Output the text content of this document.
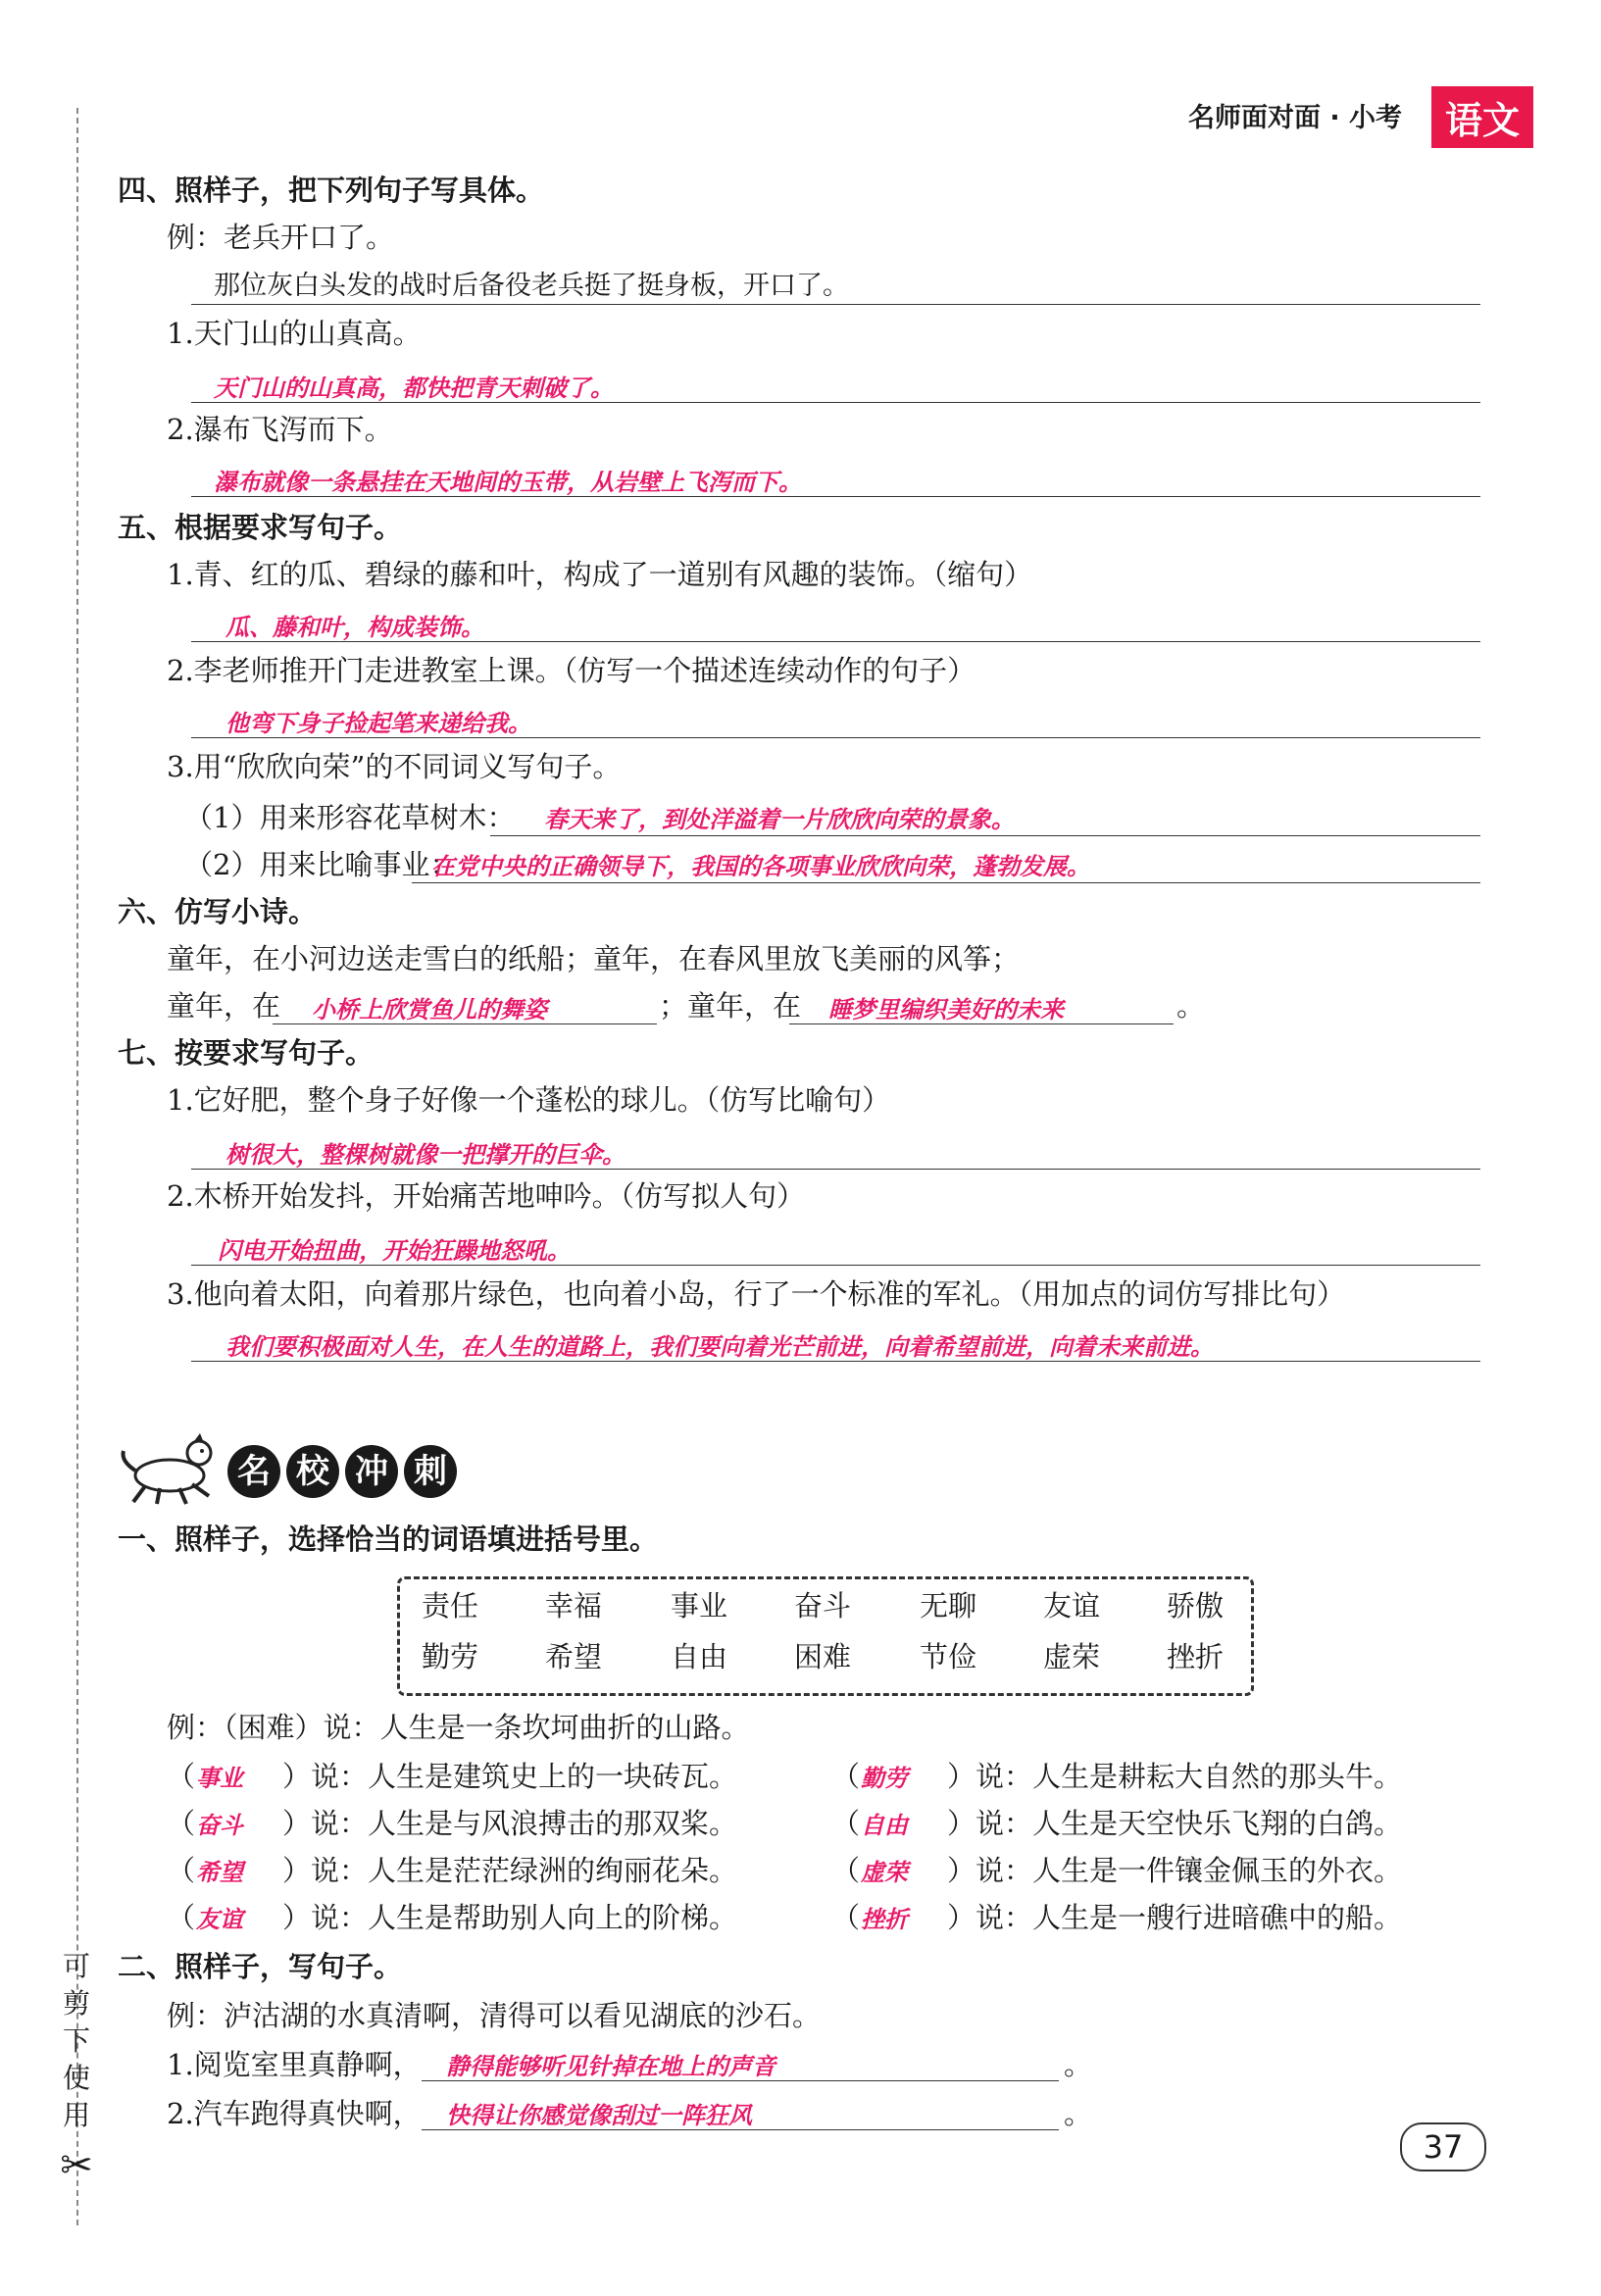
名师面对面 · 小考	语文
四、照样子，把下列句子写具体。
例：老兵开口了。
那位灰白头发的战时后备役老兵挺了挺身板，开口了。
1.天门山的山真高。
天门山的山真高，都快把青天刺破了。
2.瀑布飞泻而下。
瀑布就像一条悬挂在天地间的玉带，从岩壁上飞泻而下。
五、根据要求写句子。
1.青、红的瓜、碧绿的藤和叶，构成了一道别有风趣的装饰。（缩句）
瓜、藤和叶，构成装饰。
2.李老师推开门走进教室上课。（仿写一个描述连续动作的句子）
他弯下身子捡起笔来递给我。
3.用“欣欣向荣”的不同词义写句子。
（1）用来形容花草树木： 春天来了，到处洋溢着一片欣欣向荣的景象。
（2）用来比喻事业：
在党中央的正确领导下，我国的各项事业欣欣向荣，蓬勃发展。
六、仿写小诗。
童年，在小河边送走雪白的纸船；童年，在春风里放飞美丽的风筝；
童年，在 小桥上欣赏鱼儿的舞姿	；童年，在 睡梦里编织美好的未来	。
七、按要求写句子。
1.它好肥，整个身子好像一个蓬松的球儿。（仿写比喻句）
树很大，整棵树就像一把撑开的巨伞。
2.木桥开始发抖，开始痛苦地呻吟。（仿写拟人句）
闪电开始扭曲，开始狂躁地怒吼。
3.他向着太阳，向着那片绿色，也向着小岛，行了一个标准的军礼。（用加点的词仿写排比句）
我们要积极面对人生，在人生的道路上，我们要向着光芒前进，向着希望前进，向着未来前进。
名 校 冲 刺
一、照样子，选择恰当的词语填进括号里。
责任 幸福 事业 奋斗 无聊 友谊 骄傲
勤劳 希望 自由 困难 节俭 虚荣 挫折
例：（困难）说：人生是一条坎坷曲折的山路。
（ 事业 ）说：人生是建筑史上的一块砖瓦。
（ 奋斗 ）说：人生是与风浪搏击的那双桨。
（ 希望 ）说：人生是茫茫绿洲的绚丽花朵。
（ 友谊 ）说：人生是帮助别人向上的阶梯。
（ 勤劳 ）说：人生是耕耘大自然的那头牛。
（ 自由 ）说：人生是天空快乐飞翔的白鸽。
（ 虚荣 ）说：人生是一件镶金佩玉的外衣。
（ 挫折 ）说：人生是一艘行进暗礁中的船。
二、照样子，写句子。
例：泸沽湖的水真清啊，清得可以看见湖底的沙石。
1.阅览室里真静啊， 静得能够听见针掉在地上的声音	。
2.汽车跑得真快啊， 快得让你感觉像刮过一阵狂风	。
可
剪
下
使
用
✂	37
